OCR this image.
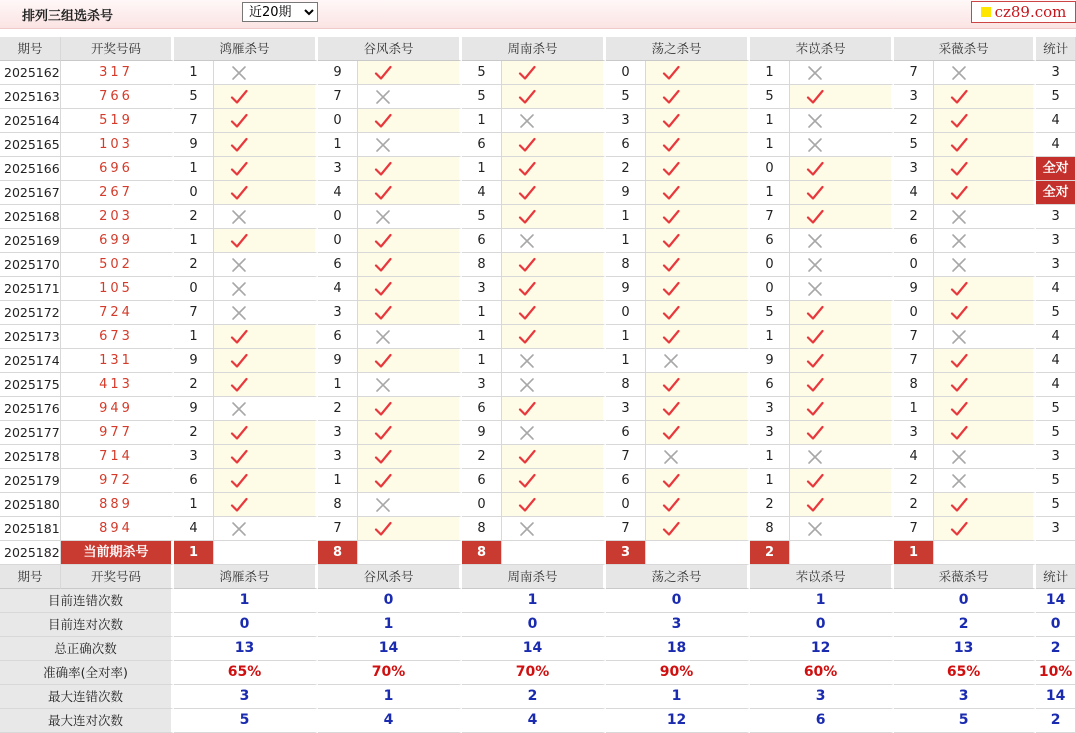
排列三组选杀号
近20期	cz89.com
期号	开奖号码	鸿雁杀号		谷风杀号		周南杀号		荡之杀号		芣苡杀号		采薇杀号		统计
2025162	317	1		9		5		0		1		7		3
2025163	766	5		7		5		5		5		3		5
2025164	519	7		0		1		3		1		2		4
2025165	103	9		1		6		6		1		5		4
2025166	696	1		3		1		2		0		3		全对
2025167	267	0		4		4		9		1		4		全对
2025168	203	2		0		5		1		7		2		3
2025169	699	1		0		6		1		6		6		3
2025170	502	2		6		8		8		0		0		3
2025171	105	0		4		3		9		0		9		4
2025172	724	7		3		1		0		5		0		5
2025173	673	1		6		1		1		1		7		4
2025174	131	9		9		1		1		9		7		4
2025175	413	2		1		3		8		6		8		4
2025176	949	9		2		6		3		3		1		5
2025177	977	2		3		9		6		3		3		5
2025178	714	3		3		2		7		1		4		3
2025179	972	6		1		6		6		1		2		5
2025180	889	1		8		0		0		2		2		5
2025181	894	4		7		8		7		8		7		3
2025182	当前期杀号	1		8		8		3		2		1		
期号	开奖号码	鸿雁杀号		谷风杀号		周南杀号		荡之杀号		芣苡杀号		采薇杀号		统计
目前连错次数		1		0		1		0		1		0		14
目前连对次数		0		1		0		3		0		2		0
总正确次数		13		14		14		18		12		13		2
准确率(全对率)		65%		70%		70%		90%		60%		65%		10%
最大连错次数		3		1		2		1		3		3		14
最大连对次数		5		4		4		12		6		5		2
